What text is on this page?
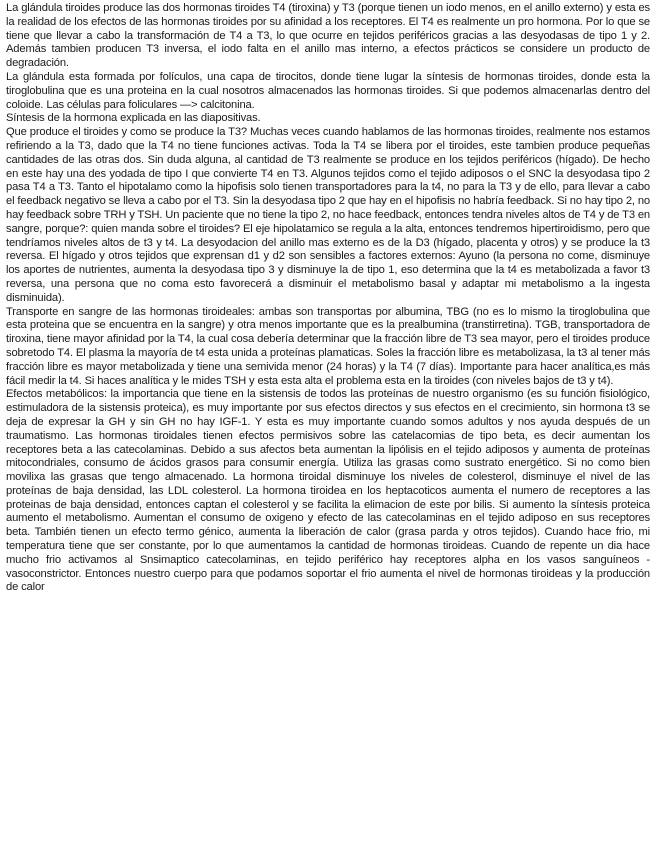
La glándula tiroides produce las dos hormonas tiroides T4 (tiroxina) y T3 (porque tienen un iodo menos, en el anillo externo) y esta es la realidad de los efectos de las hormonas tiroides por su afinidad a los receptores. El T4 es realmente un pro hormona. Por lo que se tiene que llevar a cabo la transformación de T4 a T3, lo que ocurre en tejidos periféricos gracias a las desyodasas de tipo 1 y 2. Además tambien producen T3 inversa, el iodo falta en el anillo mas interno, a efectos prácticos se considere un producto de degradación.

La glándula esta formada por folículos, una capa de tirocitos, donde tiene lugar la síntesis de hormonas tiroides, donde esta la tiroglobulina que es una proteina en la cual nosotros almacenados las hormonas tiroides. Si que podemos almacenarlas dentro del coloide. Las células para foliculares —> calcitonina.

Síntesis de la hormona explicada en las diapositivas.

Que produce el tiroides y como se produce la T3? Muchas veces cuando hablamos de las hormonas tiroides, realmente nos estamos refiriendo a la T3, dado que la T4 no tiene funciones activas. Toda la T4 se libera por el tiroides, este tambien produce pequeñas cantidades de las otras dos. Sin duda alguna, al cantidad de T3 realmente se produce en los tejidos periféricos (hígado). De hecho en este hay una des yodada de tipo I que convierte T4 en T3. Algunos tejidos como el tejido adiposos o el SNC la desyodasa tipo 2 pasa T4 a T3. Tanto el hipotalamo como la hipofisis solo tienen transportadores para la t4, no para la T3 y de ello, para llevar a cabo el feedback negativo se lleva a cabo por el T3. Sin la desyodasa tipo 2 que hay en el hipofisis no habría feedback. Si no hay tipo 2, no hay feedback sobre TRH y TSH. Un paciente que no tiene la tipo 2, no hace feedback, entonces tendra niveles altos de T4 y de T3 en sangre, porque?: quien manda sobre el tiroides? El eje hipolatamico se regula a la alta, entonces tendremos hipertiroidismo, pero que tendríamos niveles altos de t3 y t4. La desyodacion del anillo mas externo es de la D3 (hígado, placenta y otros) y se produce la t3 reversa. El hígado y otros tejidos que exprensan d1 y d2 son sensibles a factores externos: Ayuno (la persona no come, disminuye los aportes de nutrientes, aumenta la desyodasa tipo 3 y disminuye la de tipo 1, eso determina que la t4 es metabolizada a favor t3 reversa, una persona que no coma esto favorecerá a disminuir el metabolismo basal y adaptar mi metabolismo a la ingesta disminuida).

Transporte en sangre de las hormonas tiroideales: ambas son transportas por albumina, TBG (no es lo mismo la tiroglobulina que esta proteina que se encuentra en la sangre) y otra menos importante que es la prealbumina (transtirretina). TGB, transportadora de tiroxina, tiene mayor afinidad por la T4, la cual cosa debería determinar que la fracción libre de T3 sea mayor, pero el tiroides produce sobretodo T4. El plasma la mayoría de t4 esta unida a proteínas plamaticas. Soles la fracción libre es metabolizasa, la t3 al tener más fracción libre es mayor metabolizada y tiene una semivida menor (24 horas) y la T4 (7 días). Importante para hacer analítica,es más fácil medir la t4. Si haces analítica y le mides TSH y esta esta alta el problema esta en la tiroides (con niveles bajos de t3 y t4).

Efectos metabólicos: la importancia que tiene en la sistensis de todos las proteínas de nuestro organismo (es su función fisiológico, estimuladora de la sistensis proteica), es muy importante por sus efectos directos y sus efectos en el crecimiento, sin hormona t3 se deja de expresar la GH y sin GH no hay IGF-1. Y esta es muy importante cuando somos adultos y nos ayuda después de un traumatismo. Las hormonas tiroidales tienen efectos permisivos sobre las catelacomias de tipo beta, es decir aumentan los receptores beta a las catecolaminas. Debido a sus afectos beta aumentan la lipólisis en el tejido adiposos y aumenta de proteínas mitocondriales, consumo de ácidos grasos para consumir energía. Utiliza las grasas como sustrato energético. Si no como bien movilixa las grasas que tengo almacenado. La hormona tiroidal disminuye los niveles de colesterol, disminuye el nivel de las proteínas de baja densidad, las LDL colesterol. La hormona tiroidea en los heptacoticos aumenta el numero de receptores a las proteinas de baja densidad, entonces captan el colesterol y se facilita la elimacion de este por bilis. Si aumento la síntesis proteica aumento el metabolismo. Aumentan el consumo de oxigeno y efecto de las catecolaminas en el tejido adiposo en sus receptores beta. También tienen un efecto termo génico, aumenta la liberación de calor (grasa parda y otros tejidos). Cuando hace frio, mi temperatura tiene que ser constante, por lo que aumentamos la cantidad de hormonas tiroideas. Cuando de repente un dia hace mucho frio activamos al Snsimaptico catecolaminas, en tejido periférico hay receptores alpha en los vasos sanguíneos - vasoconstrictor. Entonces nuestro cuerpo para que podamos soportar el frio aumenta el nivel de hormonas tiroideas y la producción de calor
